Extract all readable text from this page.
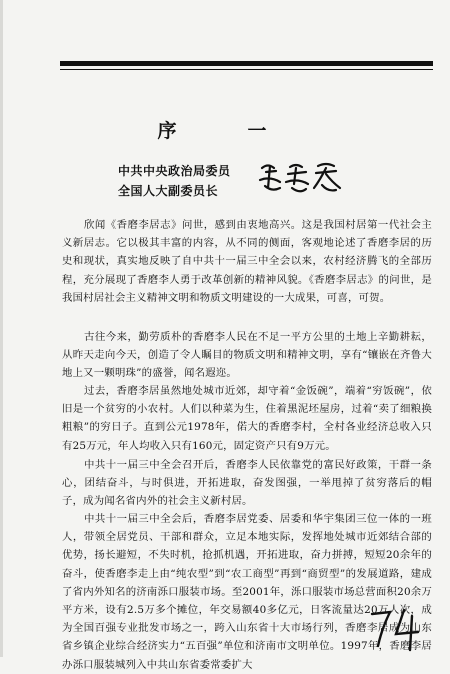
序　一
中共中央政治局委员
全国人大副委员长
欣闻《香磨李居志》问世，感到由衷地高兴。这是我国村居第一代社会主义新居志。它以极其丰富的内容，从不同的侧面，客观地论述了香磨李居的历史和现状，真实地反映了自中共十一届三中全会以来，农村经济腾飞的全部历程，充分展现了香磨李人勇于改革创新的精神风貌。《香磨李居志》的问世，是我国村居社会主义精神文明和物质文明建设的一大成果，可喜，可贺。
古往今来，勤劳质朴的香磨李人民在不足一平方公里的土地上辛勤耕耘，从昨天走向今天，创造了令人瞩目的物质文明和精神文明，享有“镶嵌在齐鲁大地上又一颗明珠”的盛誉，闻名遐迩。
过去，香磨李居虽然地处城市近郊，却守着“金饭碗”，端着“穷饭碗”，依旧是一个贫穷的小农村。人们以种菜为生，住着黑泥坯屋房，过着“卖了细粮换粗粮”的穷日子。直到公元1978年，偌大的香磨李村，全村各业经济总收入只有25万元，年人均收入只有160元，固定资产只有9万元。
中共十一届三中全会召开后，香磨李人民依靠党的富民好政策，干群一条心，团结奋斗，与时俱进，开拓进取，奋发图强，一举甩掉了贫穷落后的帽子，成为闻名省内外的社会主义新村居。
中共十一届三中全会后，香磨李居党委、居委和华宇集团三位一体的一班人，带领全居党员、干部和群众，立足本地实际，发挥地处城市近郊结合部的优势，扬长避短，不失时机，抢抓机遇，开拓进取，奋力拼搏，短短20余年的奋斗，使香磨李走上由“纯农型”到“农工商型”再到“商贸型”的发展道路，建成了省内外知名的济南泺口服装市场。至2001年，泺口服装市场总营面积20余万平方米，设有2.5万多个摊位，年交易额40多亿元，日客流量达20万人次，成为全国百强专业批发市场之一，跨入山东省十大市场行列，香磨李居成为山东省乡镇企业综合经济实力“五百强”单位和济南市文明单位。1997年，香磨李居办泺口服装城列入中共山东省委常委扩大
